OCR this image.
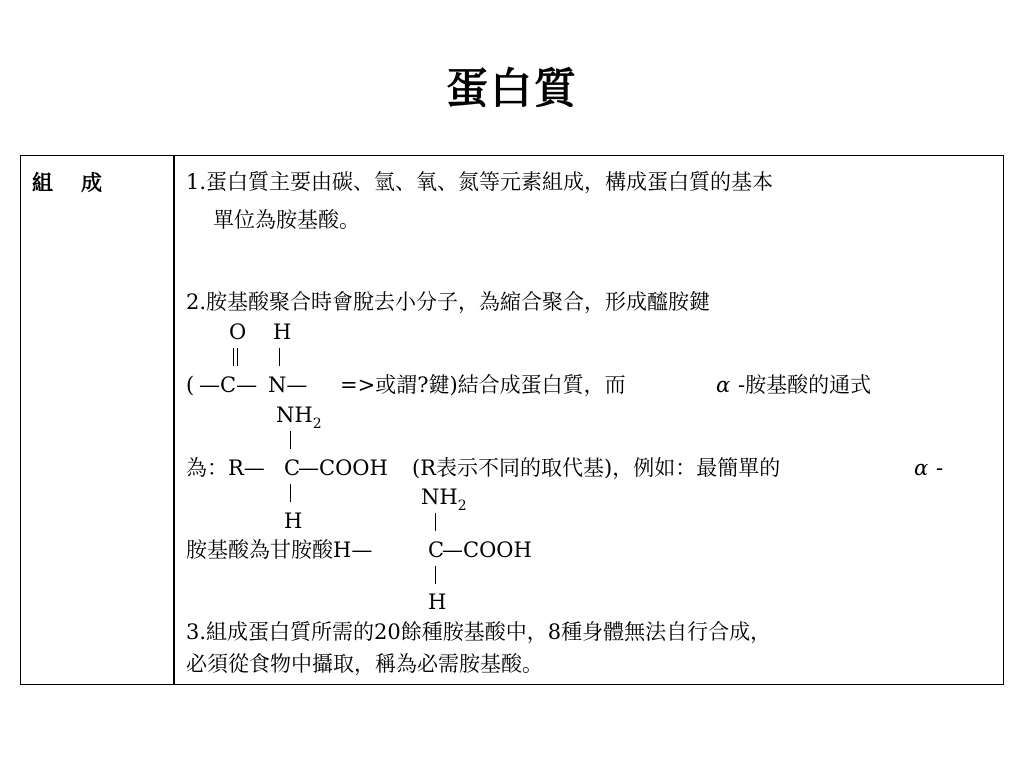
蛋白質
組 成	1.蛋白質主要由碳、氫、氧、氮等元素組成，構成蛋白質的基本
單位為胺基酸。
2.胺基酸聚合時會脫去小分子，為縮合聚合，形成醯胺鍵
O H
( —C— N— =>或謂?鍵)結合成蛋白質，而	α -胺基酸的通式
$NH_2$
為：R— C
—COOH (R表示不同的取代基)，例如：最簡單的	α -
H
$NH_2$
胺基酸為甘胺酸H—	C
—COOH
H
3.組成蛋白質所需的20餘種胺基酸中，8種身體無法自行合成，
必須從食物中攝取，稱為必需胺基酸。
